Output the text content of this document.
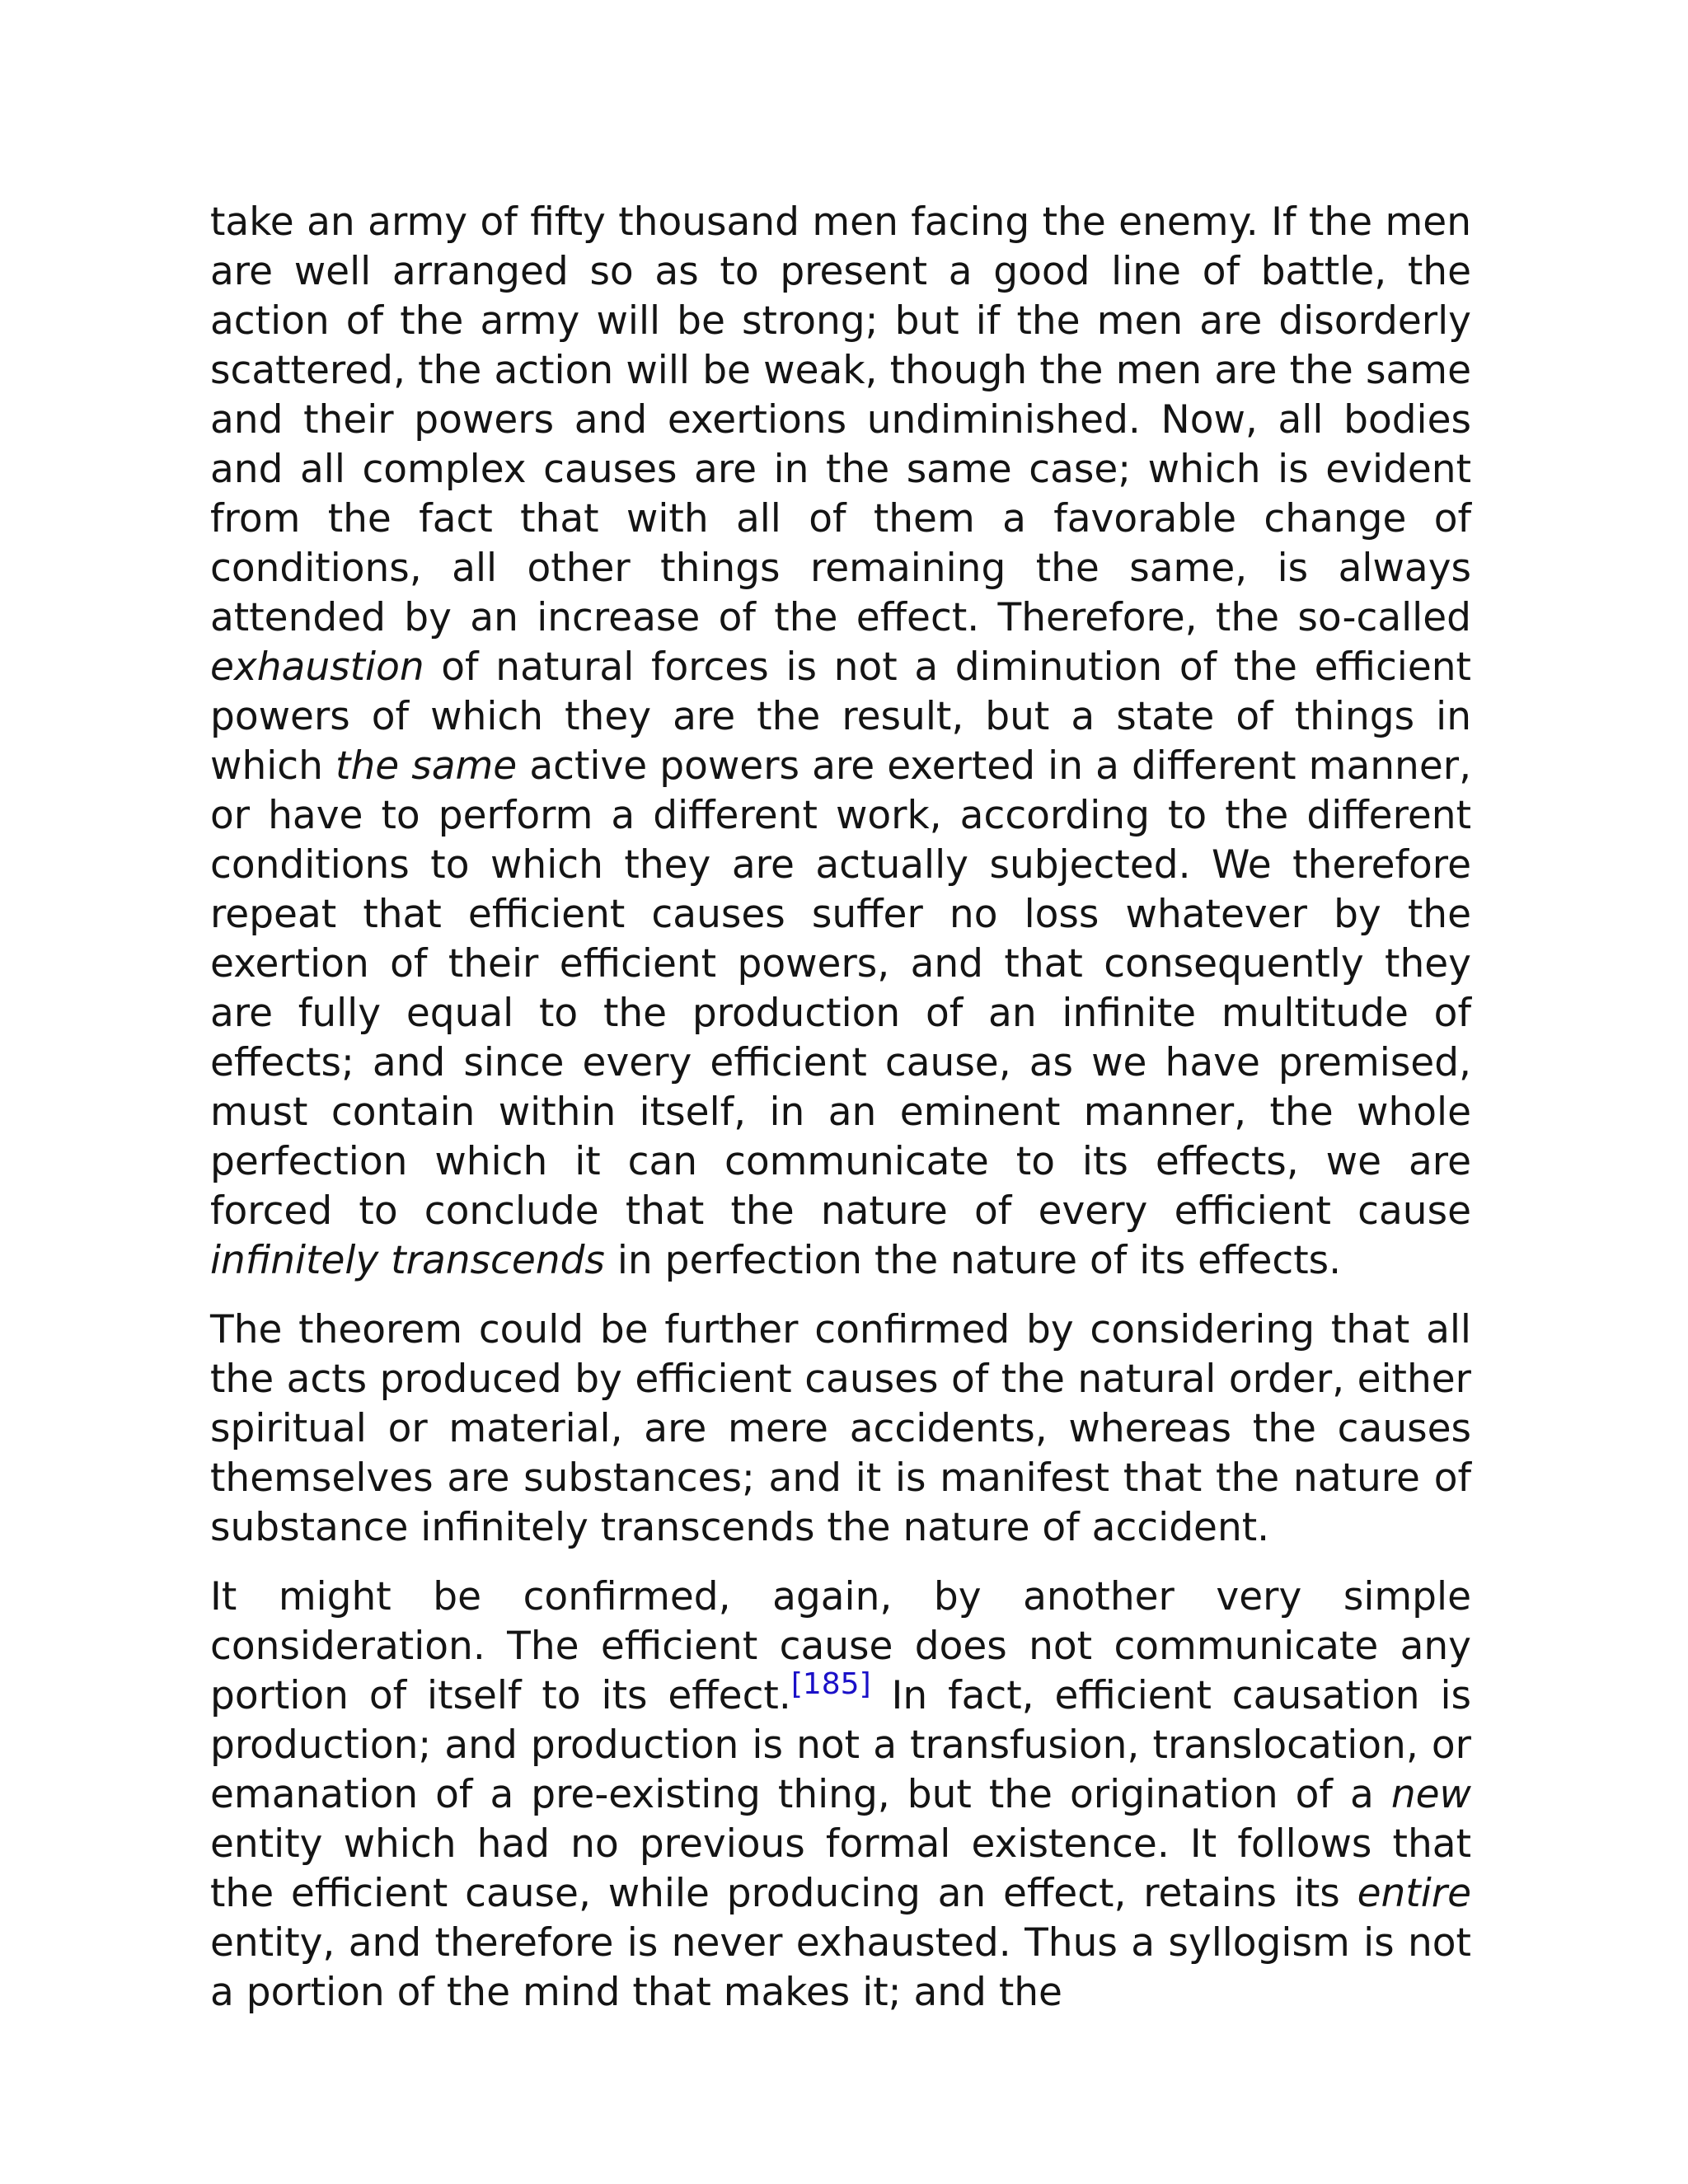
take an army of fifty thousand men facing the enemy. If the men are well arranged so as to present a good line of battle, the action of the army will be strong; but if the men are disorderly scattered, the action will be weak, though the men are the same and their powers and exertions undiminished. Now, all bodies and all complex causes are in the same case; which is evident from the fact that with all of them a favorable change of conditions, all other things remaining the same, is always attended by an increase of the effect. Therefore, the so-called exhaustion of natural forces is not a diminution of the efficient powers of which they are the result, but a state of things in which the same active powers are exerted in a different manner, or have to perform a different work, according to the different conditions to which they are actually subjected. We therefore repeat that efficient causes suffer no loss whatever by the exertion of their efficient powers, and that consequently they are fully equal to the production of an infinite multitude of effects; and since every efficient cause, as we have premised, must contain within itself, in an eminent manner, the whole perfection which it can communicate to its effects, we are forced to conclude that the nature of every efficient cause infinitely transcends in perfection the nature of its effects.

The theorem could be further confirmed by considering that all the acts produced by efficient causes of the natural order, either spiritual or material, are mere accidents, whereas the causes themselves are substances; and it is manifest that the nature of substance infinitely transcends the nature of accident.

It might be confirmed, again, by another very simple consideration. The efficient cause does not communicate any portion of itself to its effect.[185] In fact, efficient causation is production; and production is not a transfusion, translocation, or emanation of a pre-existing thing, but the origination of a new entity which had no previous formal existence. It follows that the efficient cause, while producing an effect, retains its entire entity, and therefore is never exhausted. Thus a syllogism is not a portion of the mind that makes it; and the
